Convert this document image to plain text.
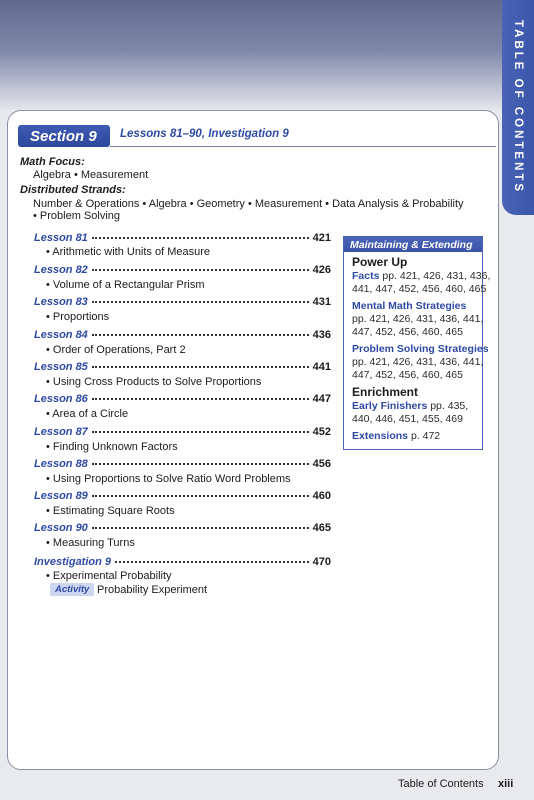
TABLE OF CONTENTS
Section 9	Lessons 81–90, Investigation 9
Math Focus:
Algebra • Measurement
Distributed Strands:
Number & Operations • Algebra • Geometry • Measurement • Data Analysis & Probability
• Problem Solving
Lesson 81	421
• Arithmetic with Units of Measure
Lesson 82	426
• Volume of a Rectangular Prism
Lesson 83	431
• Proportions
Lesson 84	436
• Order of Operations, Part 2
Lesson 85	441
• Using Cross Products to Solve Proportions
Lesson 86	447
• Area of a Circle
Lesson 87	452
• Finding Unknown Factors
Lesson 88	456
• Using Proportions to Solve Ratio Word Problems
Lesson 89	460
• Estimating Square Roots
Lesson 90	465
• Measuring Turns
Investigation 9	470
• Experimental Probability
Activity Probability Experiment
Maintaining & Extending
Power Up
Facts pp. 421, 426, 431, 436,
441, 447, 452, 456, 460, 465
Mental Math Strategies
pp. 421, 426, 431, 436, 441,
447, 452, 456, 460, 465
Problem Solving Strategies
pp. 421, 426, 431, 436, 441,
447, 452, 456, 460, 465
Enrichment
Early Finishers pp. 435,
440, 446, 451, 455, 469
Extensions p. 472
Table of Contents xiii
